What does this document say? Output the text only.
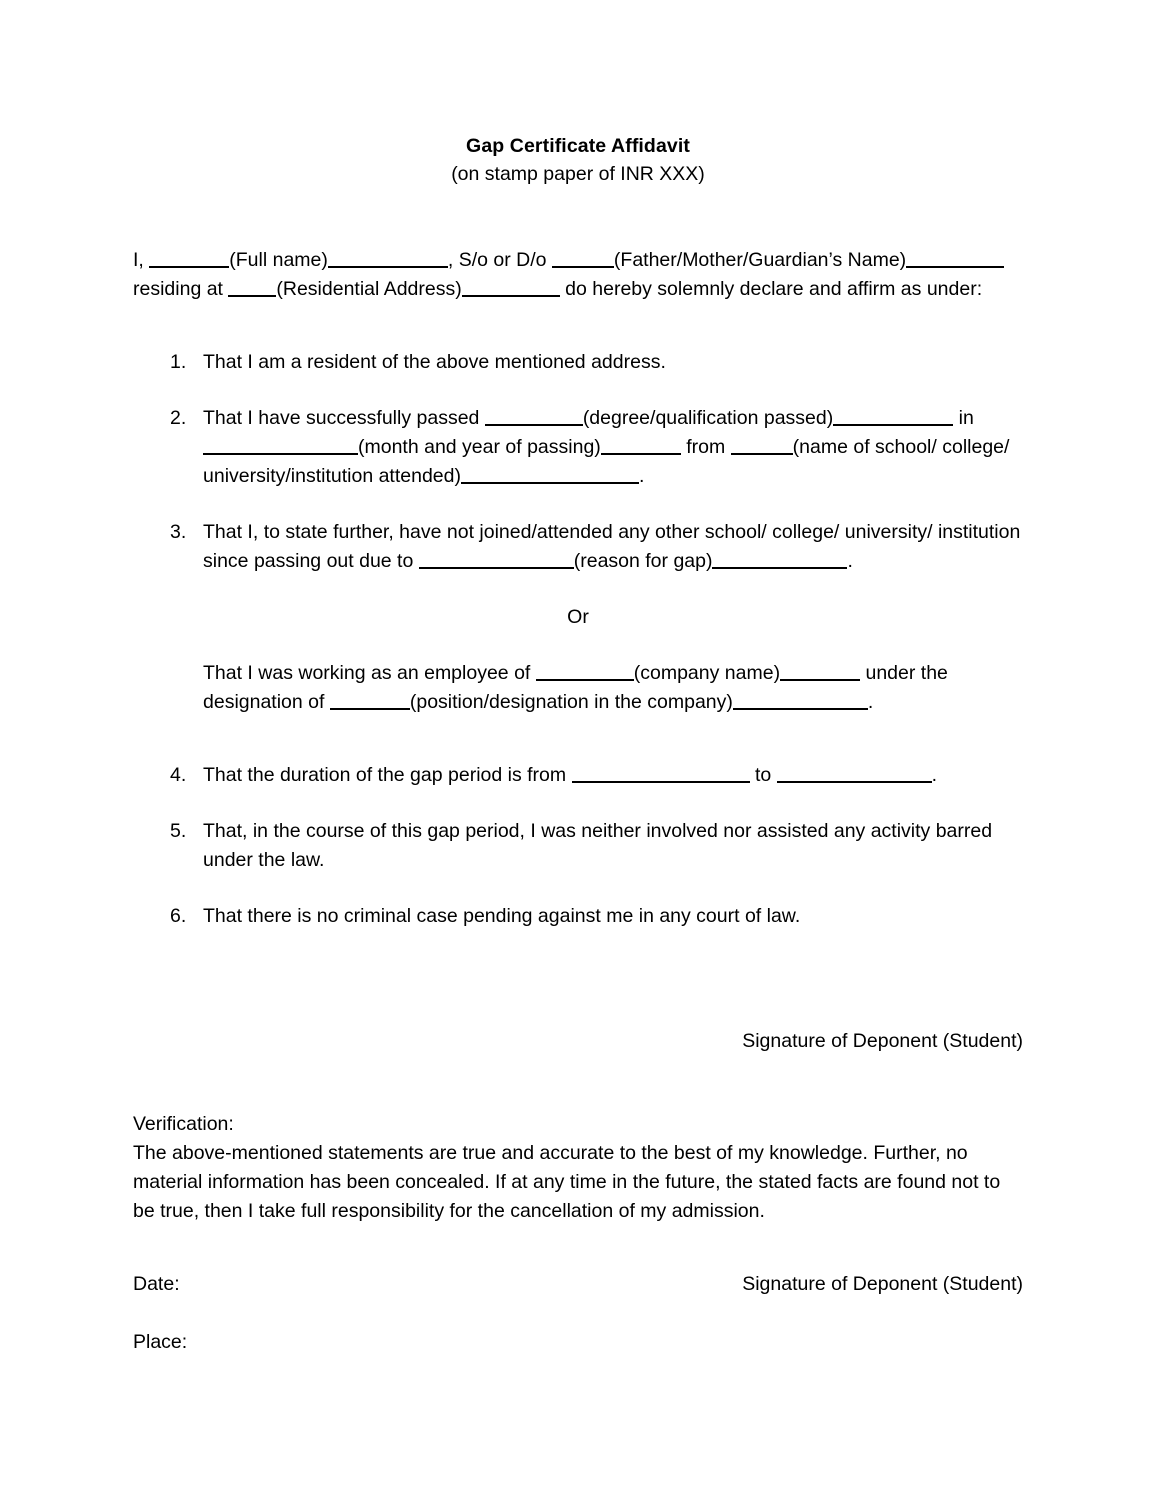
Gap Certificate Affidavit
(on stamp paper of INR XXX)

I,	(Full name)	, S/o or D/o	(Father/Mother/Guardian’s Name) residing at (Residential Address)	do hereby solemnly declare and affirm as under:

1. That I am a resident of the above mentioned address.
2. That I have successfully passed	(degree/qualification passed)	in (month and year of passing)	from	(name of school/ college/ university/institution attended)	.
3. That I, to state further, have not joined/attended any other school/ college/ university/ institution since passing out due to	(reason for gap)	.
Or

That I was working as an employee of	(company name)	under the designation of	(position/designation in the company)	.

4. That the duration of the gap period is from	to	.
5. That, in the course of this gap period, I was neither involved nor assisted any activity barred under the law.
6. That there is no criminal case pending against me in any court of law.
Signature of Deponent (Student)
Verification:
The above-mentioned statements are true and accurate to the best of my knowledge. Further, no material information has been concealed. If at any time in the future, the stated facts are found not to be true, then I take full responsibility for the cancellation of my admission.
Date:	Signature of Deponent (Student)
Place:
